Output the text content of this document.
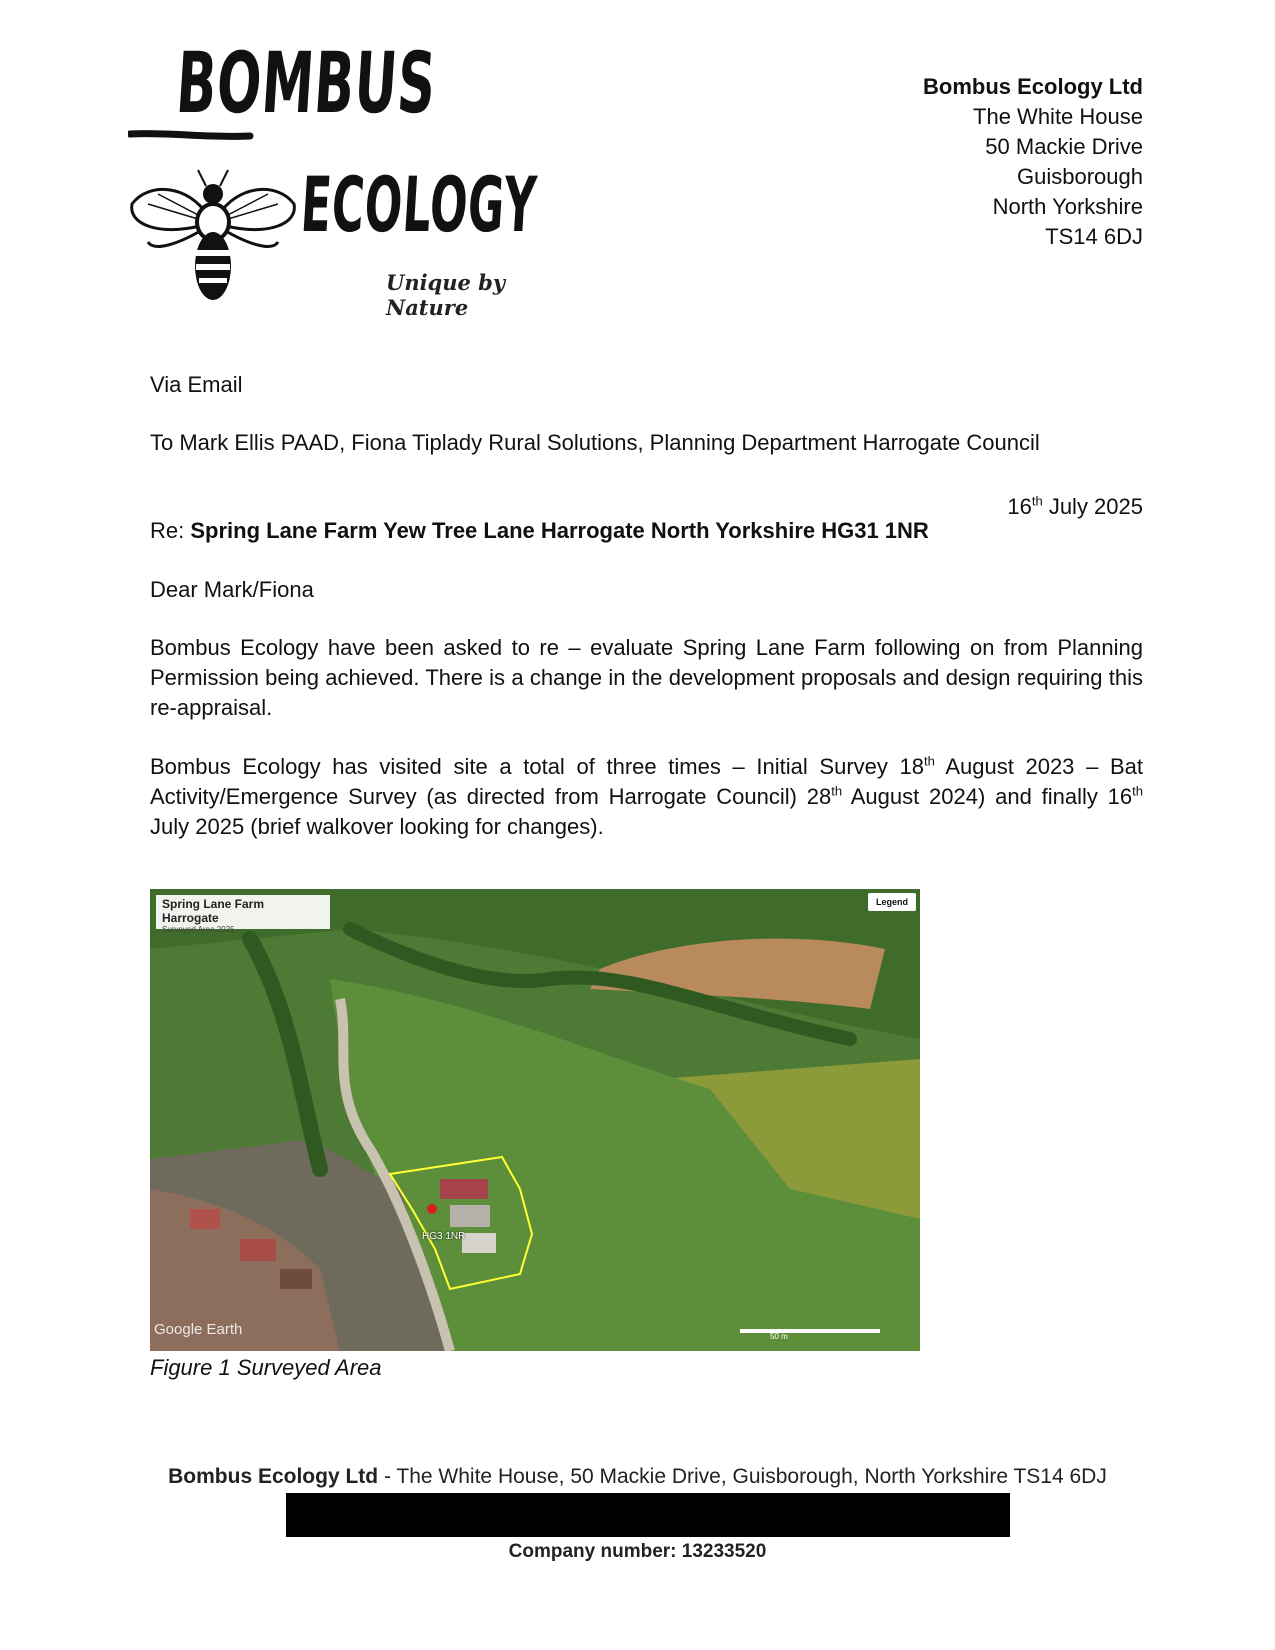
BOMBUS
ECOLOGY
Unique by Nature
Bombus Ecology Ltd
The White House
50 Mackie Drive
Guisborough
North Yorkshire
TS14 6DJ
Via Email
To Mark Ellis PAAD, Fiona Tiplady Rural Solutions, Planning Department Harrogate Council
16th July 2025
Re: Spring Lane Farm Yew Tree Lane Harrogate North Yorkshire HG31 1NR
Dear Mark/Fiona
Bombus Ecology have been asked to re – evaluate Spring Lane Farm following on from Planning Permission being achieved. There is a change in the development proposals and design requiring this re-appraisal.
Bombus Ecology has visited site a total of three times – Initial Survey 18th August 2023 – Bat Activity/Emergence Survey (as directed from Harrogate Council) 28th August 2024) and finally 16th July 2025 (brief walkover looking for changes).
Spring Lane Farm Harrogate
Surveyed Area 2025
Legend
HG3 1NR
Google Earth	50 m
Figure 1 Surveyed Area
Bombus Ecology Ltd - The White House, 50 Mackie Drive, Guisborough, North Yorkshire TS14 6DJ
Company number: 13233520
